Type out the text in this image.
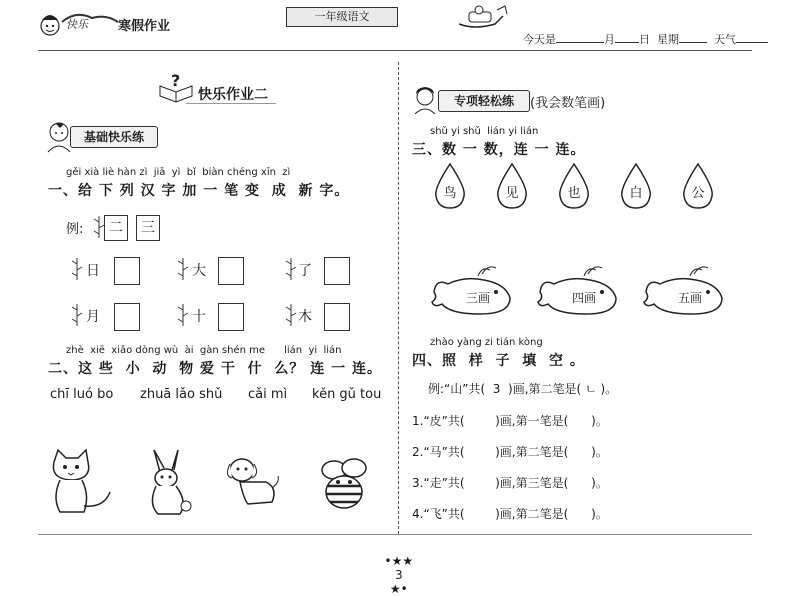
快乐 寒假作业
一年级语文

今天是	月 日 星期	天气

?
快乐作业二
基础快乐练
gěi xià liè hàn zì  jiā  yì  bǐ  biàn chéng xīn  zì
一、给 下 列 汉 字 加 一 笔 变  成  新 字。
例:	二	三
日	大	了
月	十	木
zhè  xiē  xiǎo dòng wù  ài  gàn shén me      lián  yi  lián
二、这 些  小  动  物 爱 干  什  么？ 连 一 连。
chī luó bo zhuā lǎo shǔ cǎi mì kěn gǔ tou
专项轻松练	(我会数笔画)
shǔ yi shǔ  lián yi lián
三、数 一 数，连 一 连。
鸟	见	也	白	公
三画	四画	五画
zhào yàng zi tián kòng
四、照  样  子  填  空 。
例:“山”共(  3  )画,第二笔是( ㄴ )。
1.“皮”共(        )画,第一笔是(      )。
2.“马”共(        )画,第二笔是(      )。
3.“走”共(        )画,第三笔是(      )。
4.“飞”共(        )画,第二笔是(      )。

•★★
3
★•
